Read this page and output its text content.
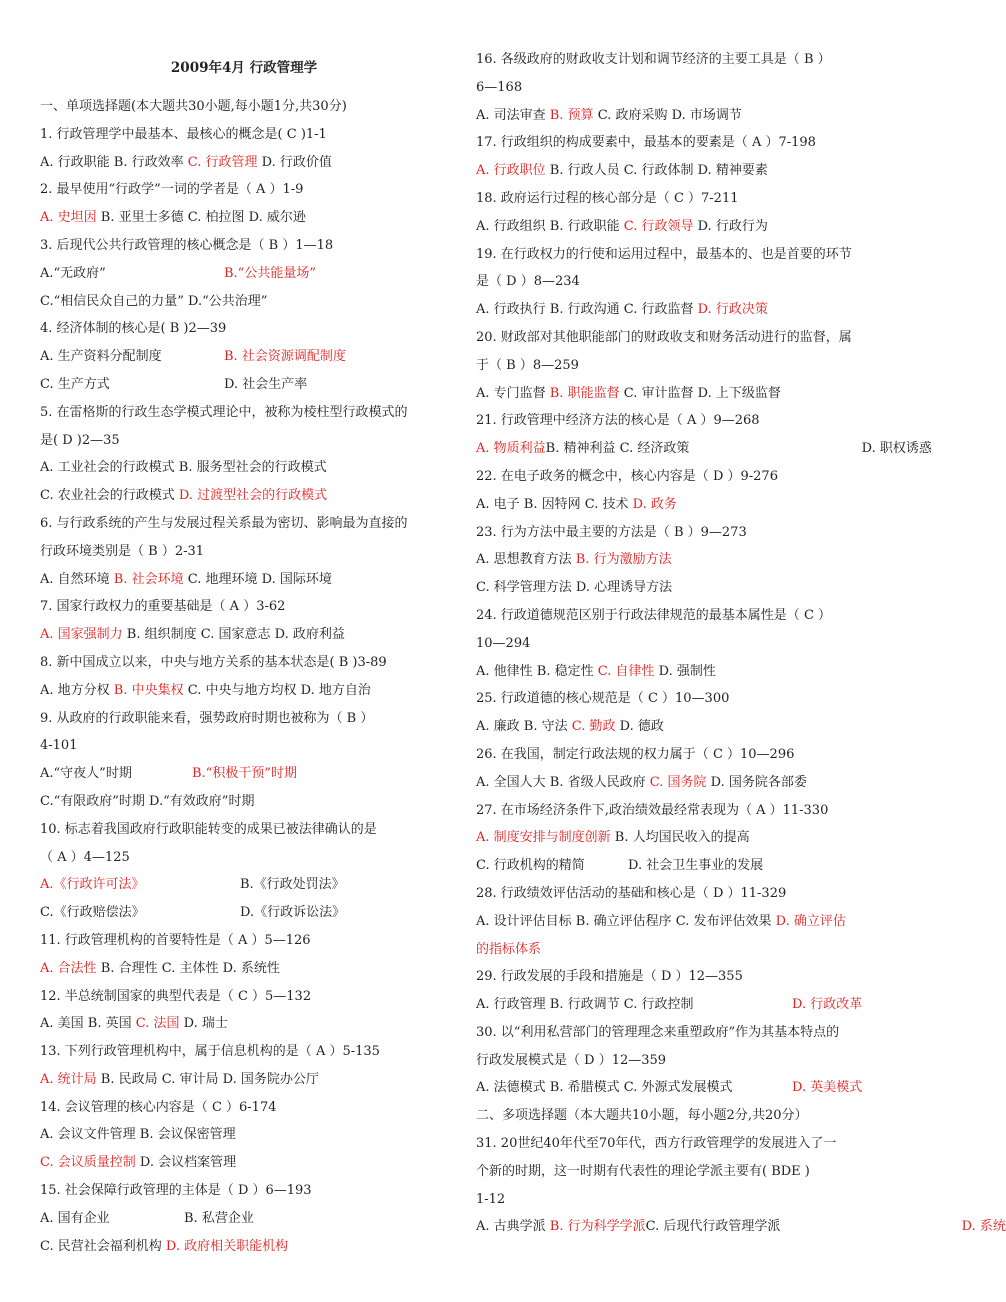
2009年4月 行政管理学
一、单项选择题(本大题共30小题,每小题1分,共30分)
1. 行政管理学中最基本、最核心的概念是( C )1-1
A. 行政职能 B. 行政效率 C. 行政管理 D. 行政价值
2. 最早使用“行政学”一词的学者是（ A ）1-9
A. 史坦因 B. 亚里士多德 C. 柏拉图 D. 威尔逊
3. 后现代公共行政管理的核心概念是（ B ）1—18
A.“无政府”	B.“公共能量场”
C.“相信民众自己的力量” D.“公共治理”
4. 经济体制的核心是( B )2—39
A. 生产资料分配制度	B. 社会资源调配制度
C. 生产方式	D. 社会生产率
5. 在雷格斯的行政生态学模式理论中，被称为棱柱型行政模式的
是( D )2—35
A. 工业社会的行政模式 B. 服务型社会的行政模式
C. 农业社会的行政模式 D. 过渡型社会的行政模式
6. 与行政系统的产生与发展过程关系最为密切、影响最为直接的
行政环境类别是（ B ）2-31
A. 自然环境 B. 社会环境 C. 地理环境 D. 国际环境
7. 国家行政权力的重要基础是（ A ）3-62
A. 国家强制力 B. 组织制度 C. 国家意志 D. 政府利益
8. 新中国成立以来，中央与地方关系的基本状态是( B )3-89
A. 地方分权 B. 中央集权 C. 中央与地方均权 D. 地方自治
9. 从政府的行政职能来看，强势政府时期也被称为（ B ）
4-101
A.“守夜人”时期	B.“积极干预”时期
C.“有限政府”时期 D.“有效政府”时期
10. 标志着我国政府行政职能转变的成果已被法律确认的是
（ A ）4—125
A.《行政许可法》	B.《行政处罚法》
C.《行政赔偿法》	D.《行政诉讼法》
11. 行政管理机构的首要特性是（ A ）5—126
A. 合法性 B. 合理性 C. 主体性 D. 系统性
12. 半总统制国家的典型代表是（ C ）5—132
A. 美国 B. 英国 C. 法国 D. 瑞士
13. 下列行政管理机构中，属于信息机构的是（ A ）5-135
A. 统计局 B. 民政局 C. 审计局 D. 国务院办公厅
14. 会议管理的核心内容是（ C ）6-174
A. 会议文件管理 B. 会议保密管理
C. 会议质量控制 D. 会议档案管理
15. 社会保障行政管理的主体是（ D ）6—193
A. 国有企业	B. 私营企业
C. 民营社会福利机构 D. 政府相关职能机构
16. 各级政府的财政收支计划和调节经济的主要工具是（ B ）
6—168
A. 司法审查 B. 预算 C. 政府采购 D. 市场调节
17. 行政组织的构成要素中，最基本的要素是（ A ）7-198
A. 行政职位 B. 行政人员 C. 行政体制 D. 精神要素
18. 政府运行过程的核心部分是（ C ）7-211
A. 行政组织 B. 行政职能 C. 行政领导 D. 行政行为
19. 在行政权力的行使和运用过程中，最基本的、也是首要的环节
是（ D ）8—234
A. 行政执行 B. 行政沟通 C. 行政监督 D. 行政决策
20. 财政部对其他职能部门的财政收支和财务活动进行的监督，属
于（ B ）8—259
A. 专门监督 B. 职能监督 C. 审计监督 D. 上下级监督
21. 行政管理中经济方法的核心是（ A ）9—268
A. 物质利益B. 精神利益 C. 经济政策	D. 职权诱惑
22. 在电子政务的概念中，核心内容是（ D ）9-276
A. 电子 B. 因特网 C. 技术 D. 政务
23. 行为方法中最主要的方法是（ B ）9—273
A. 思想教育方法 B. 行为激励方法
C. 科学管理方法 D. 心理诱导方法
24. 行政道德规范区别于行政法律规范的最基本属性是（ C ）
10—294
A. 他律性 B. 稳定性 C. 自律性 D. 强制性
25. 行政道德的核心规范是（ C ）10—300
A. 廉政 B. 守法 C. 勤政 D. 德政
26. 在我国，制定行政法规的权力属于（ C ）10—296
A. 全国人大 B. 省级人民政府 C. 国务院 D. 国务院各部委
27. 在市场经济条件下,政治绩效最经常表现为（ A ）11-330
A. 制度安排与制度创新 B. 人均国民收入的提高
C. 行政机构的精简	D. 社会卫生事业的发展
28. 行政绩效评估活动的基础和核心是（ D ）11-329
A. 设计评估目标 B. 确立评估程序 C. 发布评估效果 D. 确立评估
的指标体系
29. 行政发展的手段和措施是（ D ）12—355
A. 行政管理 B. 行政调节 C. 行政控制	D. 行政改革
30. 以“利用私营部门的管理理念来重塑政府”作为其基本特点的
行政发展模式是（ D ）12—359
A. 法德模式 B. 希腊模式 C. 外源式发展模式	D. 英美模式
二、多项选择题（本大题共10小题，每小题2分,共20分）
31. 20世纪40年代至70年代，西方行政管理学的发展进入了一
个新的时期，这一时期有代表性的理论学派主要有( BDE )
1-12
A. 古典学派 B. 行为科学学派C. 后现代行政管理学派	D. 系统
